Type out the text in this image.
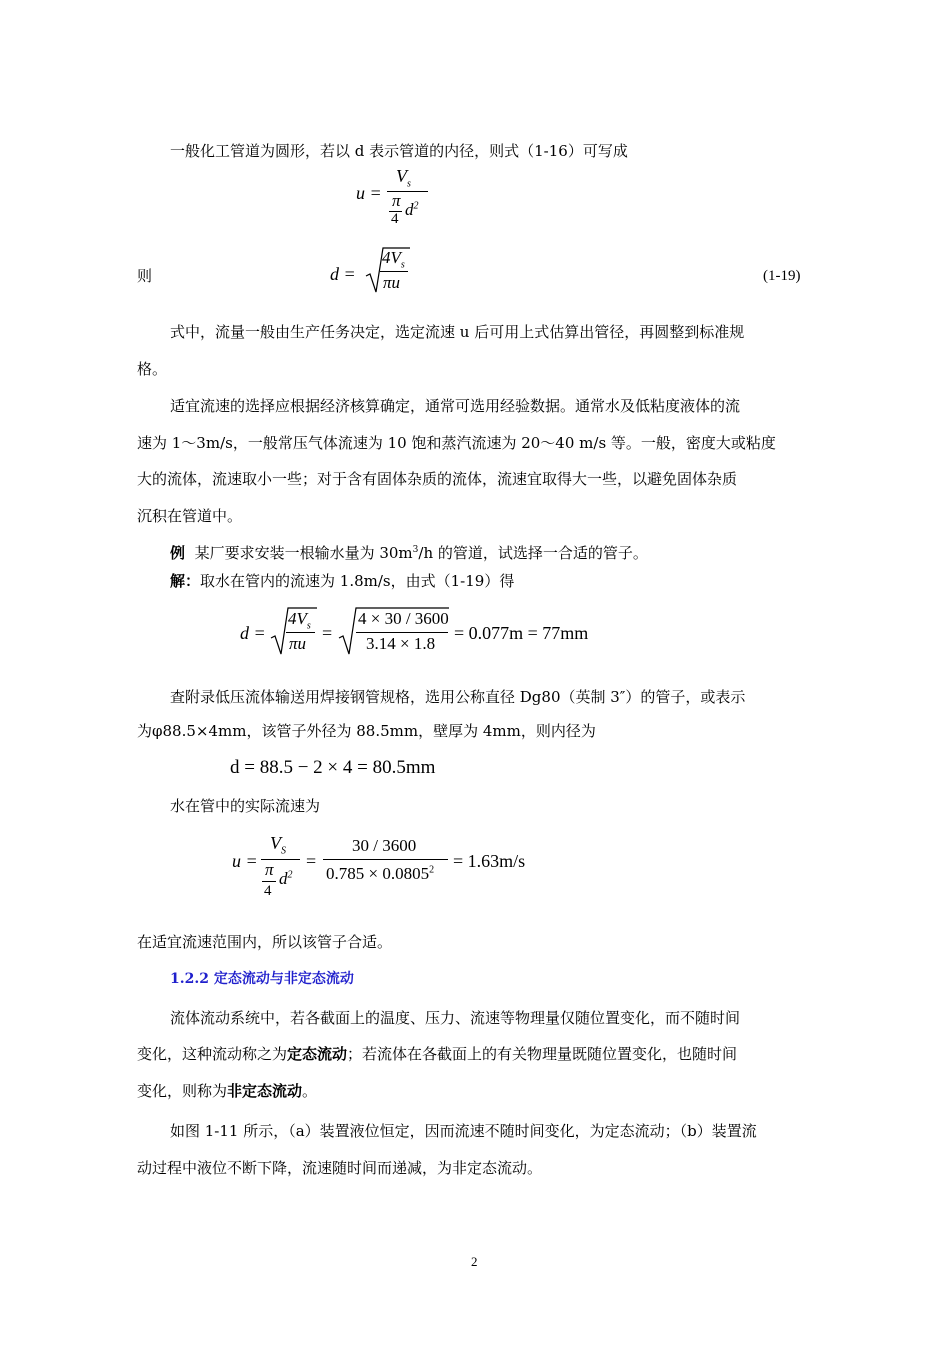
一般化工管道为圆形，若以 d 表示管道的内径，则式（1-16）可写成
u =
$V_s$
π
4 $d^2$
则	d =
$4V_s$
πu	(1-19)
式中，流量一般由生产任务决定，选定流速 u 后可用上式估算出管径，再圆整到标准规
格。
适宜流速的选择应根据经济核算确定，通常可选用经验数据。通常水及低粘度液体的流
速为 1～3m/s，一般常压气体流速为 10 饱和蒸汽流速为 20～40 m/s 等。一般，密度大或粘度
大的流体，流速取小一些；对于含有固体杂质的流体，流速宜取得大一些，以避免固体杂质
沉积在管道中。
例 某厂要求安装一根输水量为 $30m^3/h$ 的管道，试选择一合适的管子。
解：取水在管内的流速为 1.8m/s，由式（1-19）得
d =
$4V_s$
πu
=
4 × 30 / 3600
3.14 × 1.8
= 0.077m = 77mm
查附录低压流体输送用焊接钢管规格，选用公称直径 Dg80（英制 3″）的管子，或表示
为φ88.5×4mm，该管子外径为 88.5mm，壁厚为 4mm，则内径为
d = 88.5 − 2 × 4 = 80.5mm
水在管中的实际流速为
u =
$V_S$
π
4
$d^2$
=
30 / 3600
$0.785 \times 0.0805^2 = 1.63m/s$
在适宜流速范围内，所以该管子合适。
1.2.2 定态流动与非定态流动
流体流动系统中，若各截面上的温度、压力、流速等物理量仅随位置变化，而不随时间
变化，这种流动称之为定态流动；若流体在各截面上的有关物理量既随位置变化，也随时间
变化，则称为非定态流动。
如图 1-11 所示，（a）装置液位恒定，因而流速不随时间变化，为定态流动；（b）装置流
动过程中液位不断下降，流速随时间而递减，为非定态流动。
2
